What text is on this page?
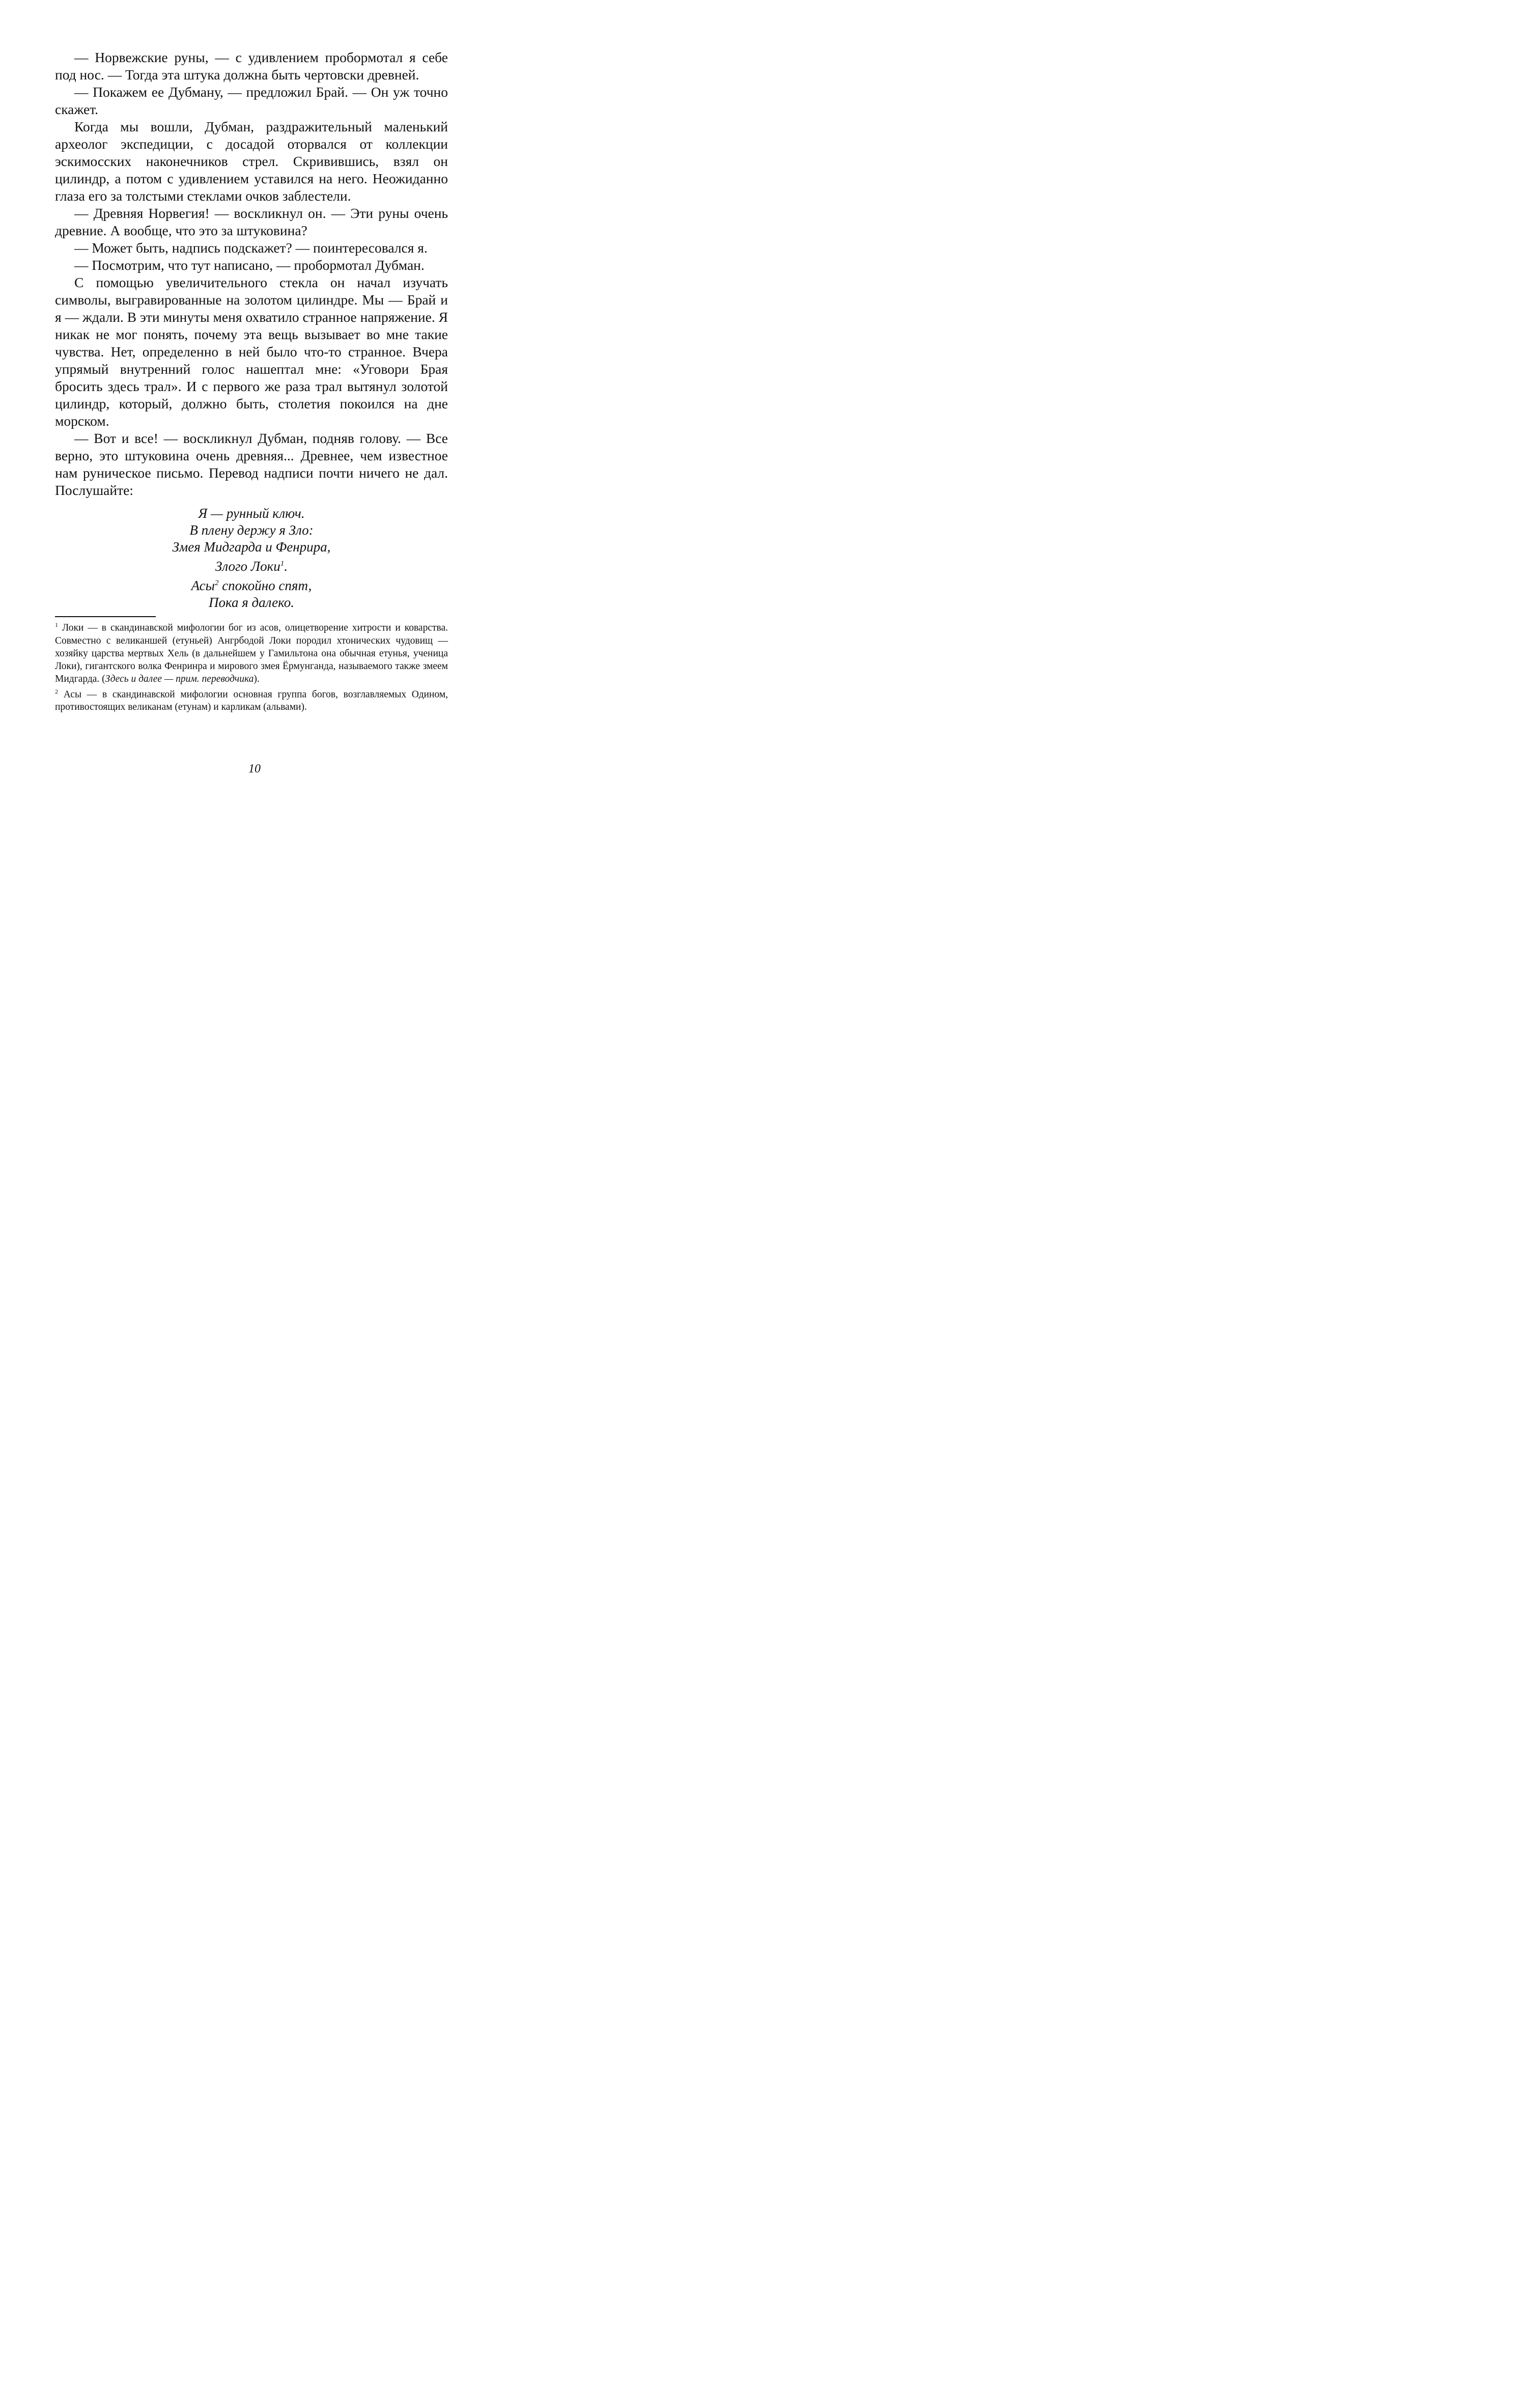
— Норвежские руны, — с удивлением пробормотал я себе под нос. — Тогда эта штука должна быть чертовски древней.

— Покажем ее Дубману, — предложил Брай. — Он уж точно скажет.

Когда мы вошли, Дубман, раздражительный маленький археолог экспедиции, с досадой оторвался от коллекции эскимосских наконечников стрел. Скривившись, взял он цилиндр, а потом с удивлением уставился на него. Неожиданно глаза его за толстыми стеклами очков заблестели.

— Древняя Норвегия! — воскликнул он. — Эти руны очень древние. А вообще, что это за штуковина?

— Может быть, надпись подскажет? — поинтересовался я.

— Посмотрим, что тут написано, — пробормотал Дубман.

С помощью увеличительного стекла он начал изучать символы, выгравированные на золотом цилиндре. Мы — Брай и я — ждали. В эти минуты меня охватило странное напряжение. Я никак не мог понять, почему эта вещь вызывает во мне такие чувства. Нет, определенно в ней было что-то странное. Вчера упрямый внутренний голос нашептал мне: «Уговори Брая бросить здесь трал». И с первого же раза трал вытянул золотой цилиндр, который, должно быть, столетия покоился на дне морском.

— Вот и все! — воскликнул Дубман, подняв голову. — Все верно, это штуковина очень древняя... Древнее, чем известное нам руническое письмо. Перевод надписи почти ничего не дал. Послушайте:

Я — рунный ключ.
В плену держу я Зло:
Змея Мидгарда и Фенрира,
Злого Локи$^1$.
Асы$^2$ спокойно спят,
Пока я далеко.

$^1$ Локи — в скандинавской мифологии бог из асов, олицетворение хитрости и коварства. Совместно с великаншей (етуньей) Ангрбодой Локи породил хтонических чудовищ — хозяйку царства мертвых Хель (в дальнейшем у Гамильтона она обычная етунья, ученица Локи), гигантского волка Фенринра и мирового змея Ёрмунганда, называемого также змеем Мидгарда. (Здесь и далее — прим. переводчика).

$^2$ Асы — в скандинавской мифологии основная группа богов, возглавляемых Одином, противостоящих великанам (етунам) и карликам (альвами).

10
